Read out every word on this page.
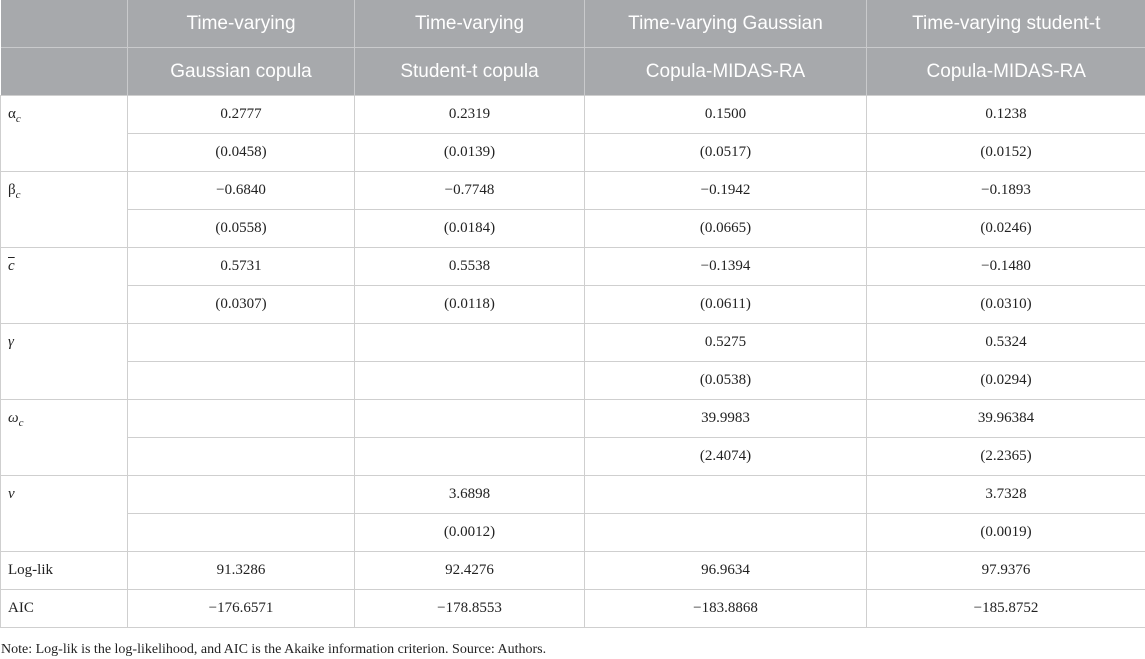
	Time-varying	Time-varying	Time-varying Gaussian	Time-varying student-t
	Gaussian copula	Student-t copula	Copula-MIDAS-RA	Copula-MIDAS-RA
$\alpha_c$	0.2777	0.2319	0.1500	0.1238
	(0.0458)	(0.0139)	(0.0517)	(0.0152)
$\beta_c$	−0.6840	−0.7748	−0.1942	−0.1893
	(0.0558)	(0.0184)	(0.0665)	(0.0246)
$\overline{c}$	0.5731	0.5538	−0.1394	−0.1480
	(0.0307)	(0.0118)	(0.0611)	(0.0310)
γ			0.5275	0.5324
			(0.0538)	(0.0294)
$\omega_c$			39.9983	39.96384
			(2.4074)	(2.2365)
ν		3.6898		3.7328
		(0.0012)		(0.0019)
Log-lik	91.3286	92.4276	96.9634	97.9376
AIC	−176.6571	−178.8553	−183.8868	−185.8752
Note: Log-lik is the log-likelihood, and AIC is the Akaike information criterion. Source: Authors.
